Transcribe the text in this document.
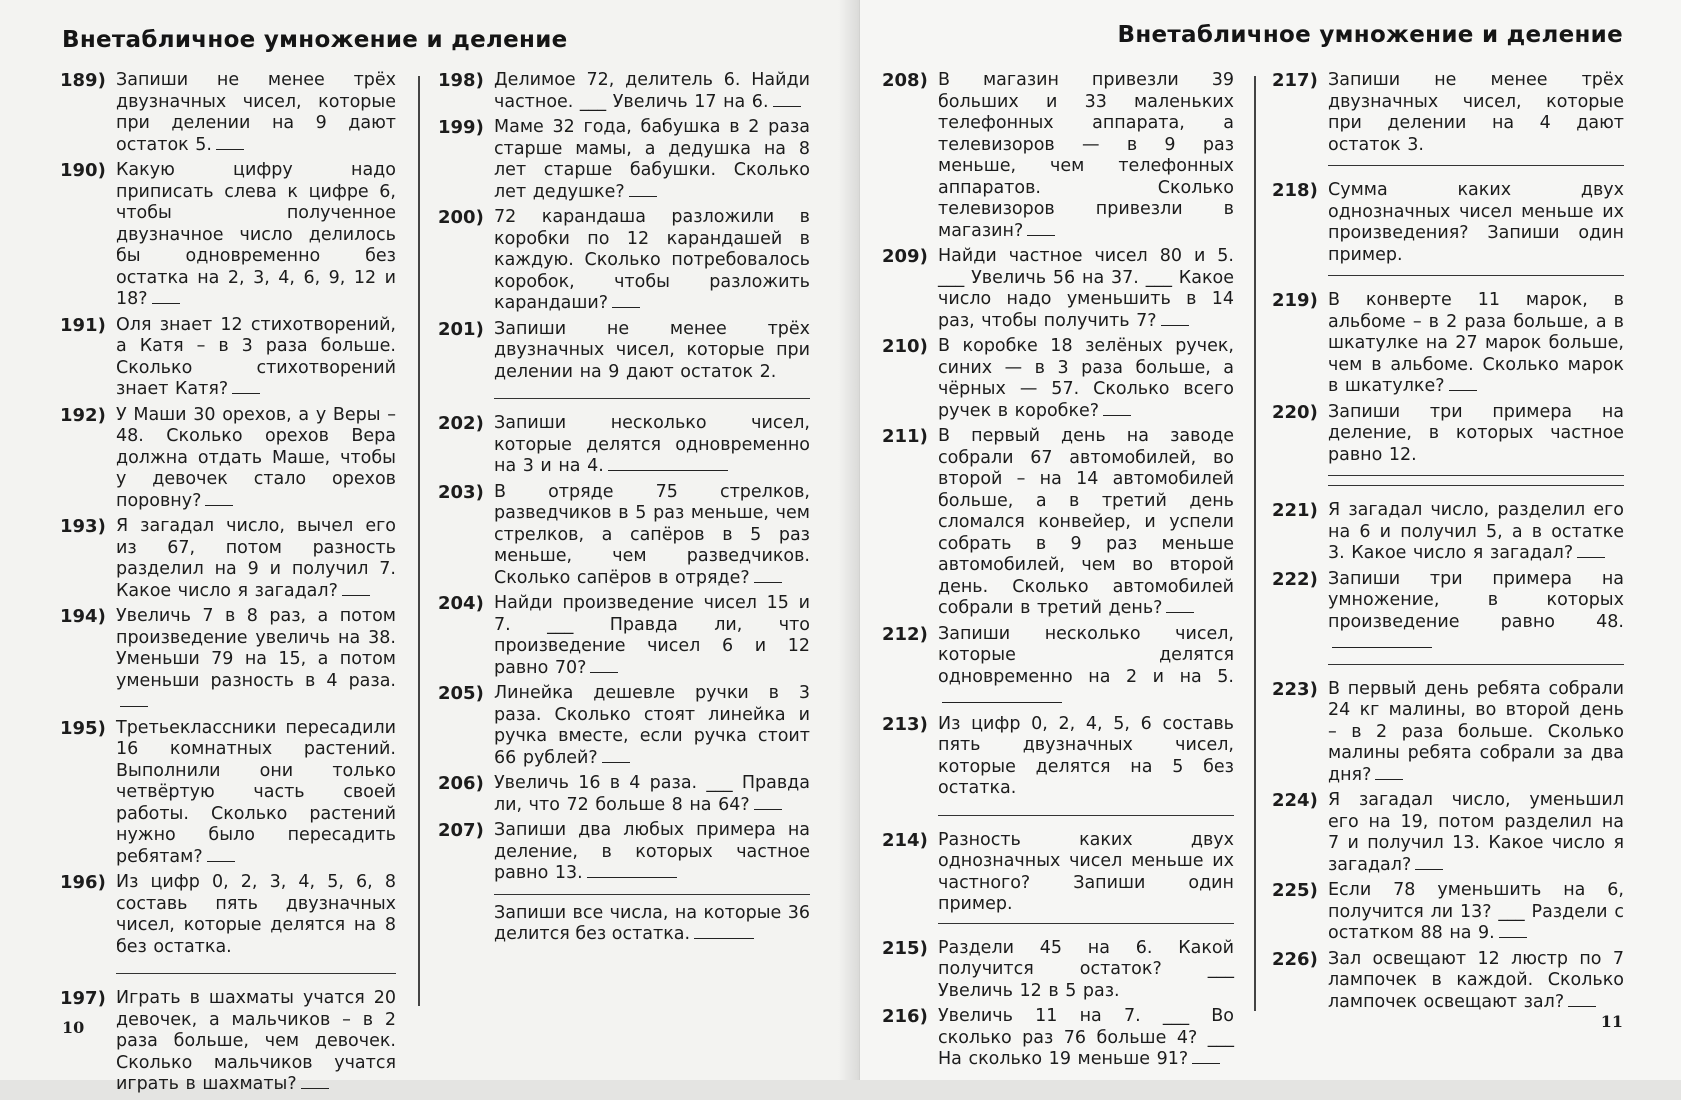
Внетабличное умножение и деление
189) Запиши не менее трёх двузначных чисел, которые при делении на 9 дают остаток 5.
190) Какую цифру надо приписать слева к цифре 6, чтобы полученное двузначное число делилось бы одновременно без остатка на 2, 3, 4, 6, 9, 12 и 18?
191) Оля знает 12 стихотворений, а Катя – в 3 раза больше. Сколько стихотворений знает Катя?
192) У Маши 30 орехов, а у Веры – 48. Сколько орехов Вера должна отдать Маше, чтобы у девочек стало орехов поровну?
193) Я загадал число, вычел его из 67, потом разность разделил на 9 и получил 7. Какое число я загадал?
194) Увеличь 7 в 8 раз, а потом произведение увеличь на 38. Уменьши 79 на 15, а потом уменьши разность в 4 раза.
195) Третьеклассники пересадили 16 комнатных растений. Выполнили они только четвёртую часть своей работы. Сколько растений нужно было пересадить ребятам?
196) Из цифр 0, 2, 3, 4, 5, 6, 8 составь пять двузначных чисел, которые делятся на 8 без остатка.
197) Играть в шахматы учатся 20 девочек, а мальчиков – в 2 раза больше, чем девочек. Сколько мальчиков учатся играть в шахматы?
198) Делимое 72, делитель 6. Найди частное. ___ Увеличь 17 на 6.
199) Маме 32 года, бабушка в 2 раза старше мамы, а дедушка на 8 лет старше бабушки. Сколько лет дедушке?
200) 72 карандаша разложили в коробки по 12 карандашей в каждую. Сколько потребовалось коробок, чтобы разложить карандаши?
201) Запиши не менее трёх двузначных чисел, которые при делении на 9 дают остаток 2.
202) Запиши несколько чисел, которые делятся одновременно на 3 и на 4.
203) В отряде 75 стрелков, разведчиков в 5 раз меньше, чем стрелков, а сапёров в 5 раз меньше, чем разведчиков. Сколько сапёров в отряде?
204) Найди произведение чисел 15 и 7. ___ Правда ли, что произведение чисел 6 и 12 равно 70?
205) Линейка дешевле ручки в 3 раза. Сколько стоят линейка и ручка вместе, если ручка стоит 66 рублей?
206) Увеличь 16 в 4 раза. ___ Правда ли, что 72 больше 8 на 64?
207) Запиши два любых примера на деление, в которых частное равно 13.
Запиши все числа, на которые 36 делится без остатка.
10
Внетабличное умножение и деление
208) В магазин привезли 39 больших и 33 маленьких телефонных аппарата, а телевизоров — в 9 раз меньше, чем телефонных аппаратов. Сколько телевизоров привезли в магазин?
209) Найди частное чисел 80 и 5. ___ Увеличь 56 на 37. ___ Какое число надо уменьшить в 14 раз, чтобы получить 7?
210) В коробке 18 зелёных ручек, синих — в 3 раза больше, а чёрных — 57. Сколько всего ручек в коробке?
211) В первый день на заводе собрали 67 автомобилей, во второй – на 14 автомобилей больше, а в третий день сломался конвейер, и успели собрать в 9 раз меньше автомобилей, чем во второй день. Сколько автомобилей собрали в третий день?
212) Запиши несколько чисел, которые делятся одновременно на 2 и на 5.
213) Из цифр 0, 2, 4, 5, 6 составь пять двузначных чисел, которые делятся на 5 без остатка.
214) Разность каких двух однозначных чисел меньше их частного? Запиши один пример.
215) Раздели 45 на 6. Какой получится остаток? ___ Увеличь 12 в 5 раз.
216) Увеличь 11 на 7. ___ Во сколько раз 76 больше 4? ___ На сколько 19 меньше 91?
217) Запиши не менее трёх двузначных чисел, которые при делении на 4 дают остаток 3.
218) Сумма каких двух однозначных чисел меньше их произведения? Запиши один пример.
219) В конверте 11 марок, в альбоме – в 2 раза больше, а в шкатулке на 27 марок больше, чем в альбоме. Сколько марок в шкатулке?
220) Запиши три примера на деление, в которых частное равно 12.
221) Я загадал число, разделил его на 6 и получил 5, а в остатке 3. Какое число я загадал?
222) Запиши три примера на умножение, в которых произведение равно 48.
223) В первый день ребята собрали 24 кг малины, во второй день – в 2 раза больше. Сколько малины ребята собрали за два дня?
224) Я загадал число, уменьшил его на 19, потом разделил на 7 и получил 13. Какое число я загадал?
225) Если 78 уменьшить на 6, получится ли 13? ___ Раздели с остатком 88 на 9.
226) Зал освещают 12 люстр по 7 лампочек в каждой. Сколько лампочек освещают зал?
11
